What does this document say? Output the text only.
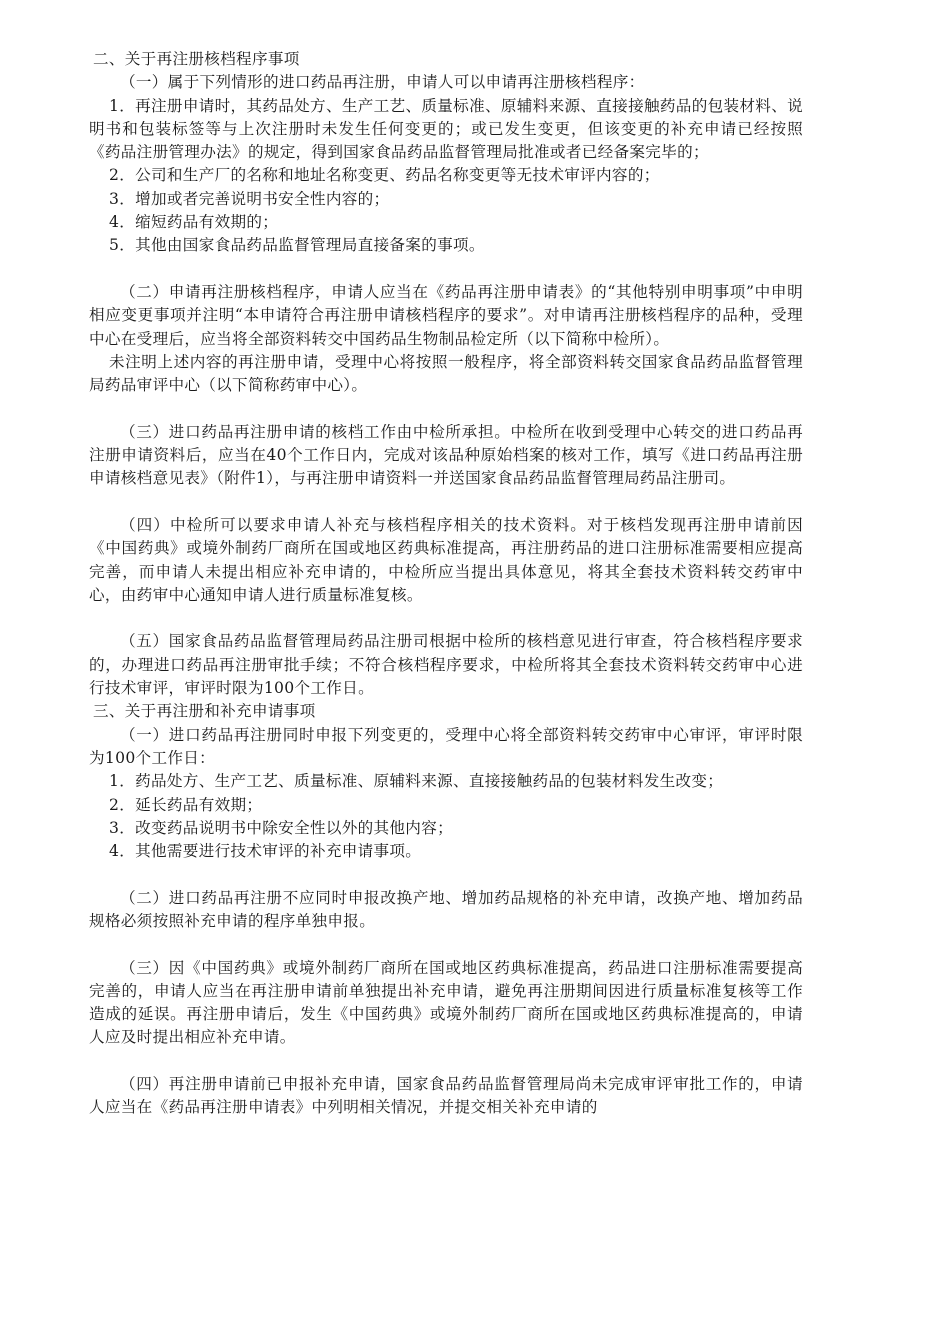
二、关于再注册核档程序事项

（一）属于下列情形的进口药品再注册，申请人可以申请再注册核档程序：

1．再注册申请时，其药品处方、生产工艺、质量标准、原辅料来源、直接接触药品的包装材料、说明书和包装标签等与上次注册时未发生任何变更的；或已发生变更，但该变更的补充申请已经按照《药品注册管理办法》的规定，得到国家食品药品监督管理局批准或者已经备案完毕的；

2．公司和生产厂的名称和地址名称变更、药品名称变更等无技术审评内容的；

3．增加或者完善说明书安全性内容的；

4．缩短药品有效期的；

5．其他由国家食品药品监督管理局直接备案的事项。

（二）申请再注册核档程序，申请人应当在《药品再注册申请表》的“其他特别申明事项”中申明相应变更事项并注明“本申请符合再注册申请核档程序的要求”。对申请再注册核档程序的品种，受理中心在受理后，应当将全部资料转交中国药品生物制品检定所（以下简称中检所）。

未注明上述内容的再注册申请，受理中心将按照一般程序，将全部资料转交国家食品药品监督管理局药品审评中心（以下简称药审中心）。

（三）进口药品再注册申请的核档工作由中检所承担。中检所在收到受理中心转交的进口药品再注册申请资料后，应当在40个工作日内，完成对该品种原始档案的核对工作，填写《进口药品再注册申请核档意见表》（附件1），与再注册申请资料一并送国家食品药品监督管理局药品注册司。

（四）中检所可以要求申请人补充与核档程序相关的技术资料。对于核档发现再注册申请前因《中国药典》或境外制药厂商所在国或地区药典标准提高，再注册药品的进口注册标准需要相应提高完善，而申请人未提出相应补充申请的，中检所应当提出具体意见，将其全套技术资料转交药审中心，由药审中心通知申请人进行质量标准复核。

（五）国家食品药品监督管理局药品注册司根据中检所的核档意见进行审查，符合核档程序要求的，办理进口药品再注册审批手续；不符合核档程序要求，中检所将其全套技术资料转交药审中心进行技术审评，审评时限为100个工作日。

三、关于再注册和补充申请事项

（一）进口药品再注册同时申报下列变更的，受理中心将全部资料转交药审中心审评，审评时限为100个工作日：

1．药品处方、生产工艺、质量标准、原辅料来源、直接接触药品的包装材料发生改变；

2．延长药品有效期；

3．改变药品说明书中除安全性以外的其他内容；

4．其他需要进行技术审评的补充申请事项。

（二）进口药品再注册不应同时申报改换产地、增加药品规格的补充申请，改换产地、增加药品规格必须按照补充申请的程序单独申报。

（三）因《中国药典》或境外制药厂商所在国或地区药典标准提高，药品进口注册标准需要提高完善的，申请人应当在再注册申请前单独提出补充申请，避免再注册期间因进行质量标准复核等工作造成的延误。再注册申请后，发生《中国药典》或境外制药厂商所在国或地区药典标准提高的，申请人应及时提出相应补充申请。

（四）再注册申请前已申报补充申请，国家食品药品监督管理局尚未完成审评审批工作的，申请人应当在《药品再注册申请表》中列明相关情况，并提交相关补充申请的
